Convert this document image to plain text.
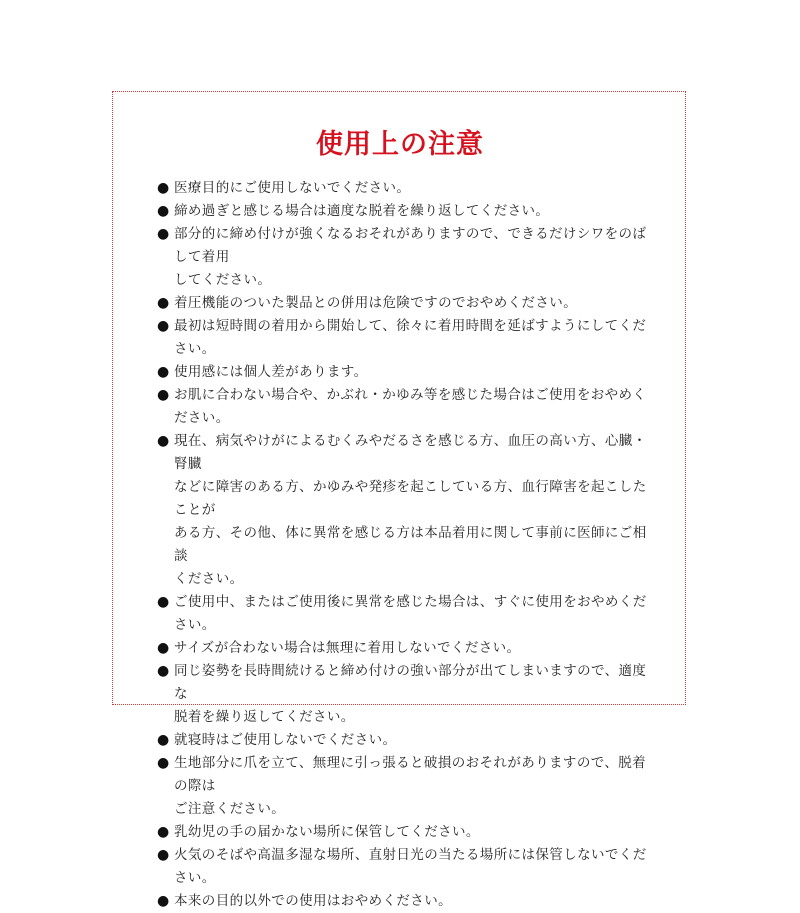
使用上の注意
● 医療目的にご使用しないでください。
● 締め過ぎと感じる場合は適度な脱着を繰り返してください。
● 部分的に締め付けが強くなるおそれがありますので、できるだけシワをのばして着用
してください。
● 着圧機能のついた製品との併用は危険ですのでおやめください。
● 最初は短時間の着用から開始して、徐々に着用時間を延ばすようにしてください。
● 使用感には個人差があります。
● お肌に合わない場合や、かぶれ・かゆみ等を感じた場合はご使用をおやめください。
● 現在、病気やけがによるむくみやだるさを感じる方、血圧の高い方、心臓・腎臓
などに障害のある方、かゆみや発疹を起こしている方、血行障害を起こしたことが
ある方、その他、体に異常を感じる方は本品着用に関して事前に医師にご相談
ください。
● ご使用中、またはご使用後に異常を感じた場合は、すぐに使用をおやめください。
● サイズが合わない場合は無理に着用しないでください。
● 同じ姿勢を長時間続けると締め付けの強い部分が出てしまいますので、適度な
脱着を繰り返してください。
● 就寝時はご使用しないでください。
● 生地部分に爪を立て、無理に引っ張ると破損のおそれがありますので、脱着の際は
ご注意ください。
● 乳幼児の手の届かない場所に保管してください。
● 火気のそばや高温多湿な場所、直射日光の当たる場所には保管しないでください。
● 本来の目的以外での使用はおやめください。
